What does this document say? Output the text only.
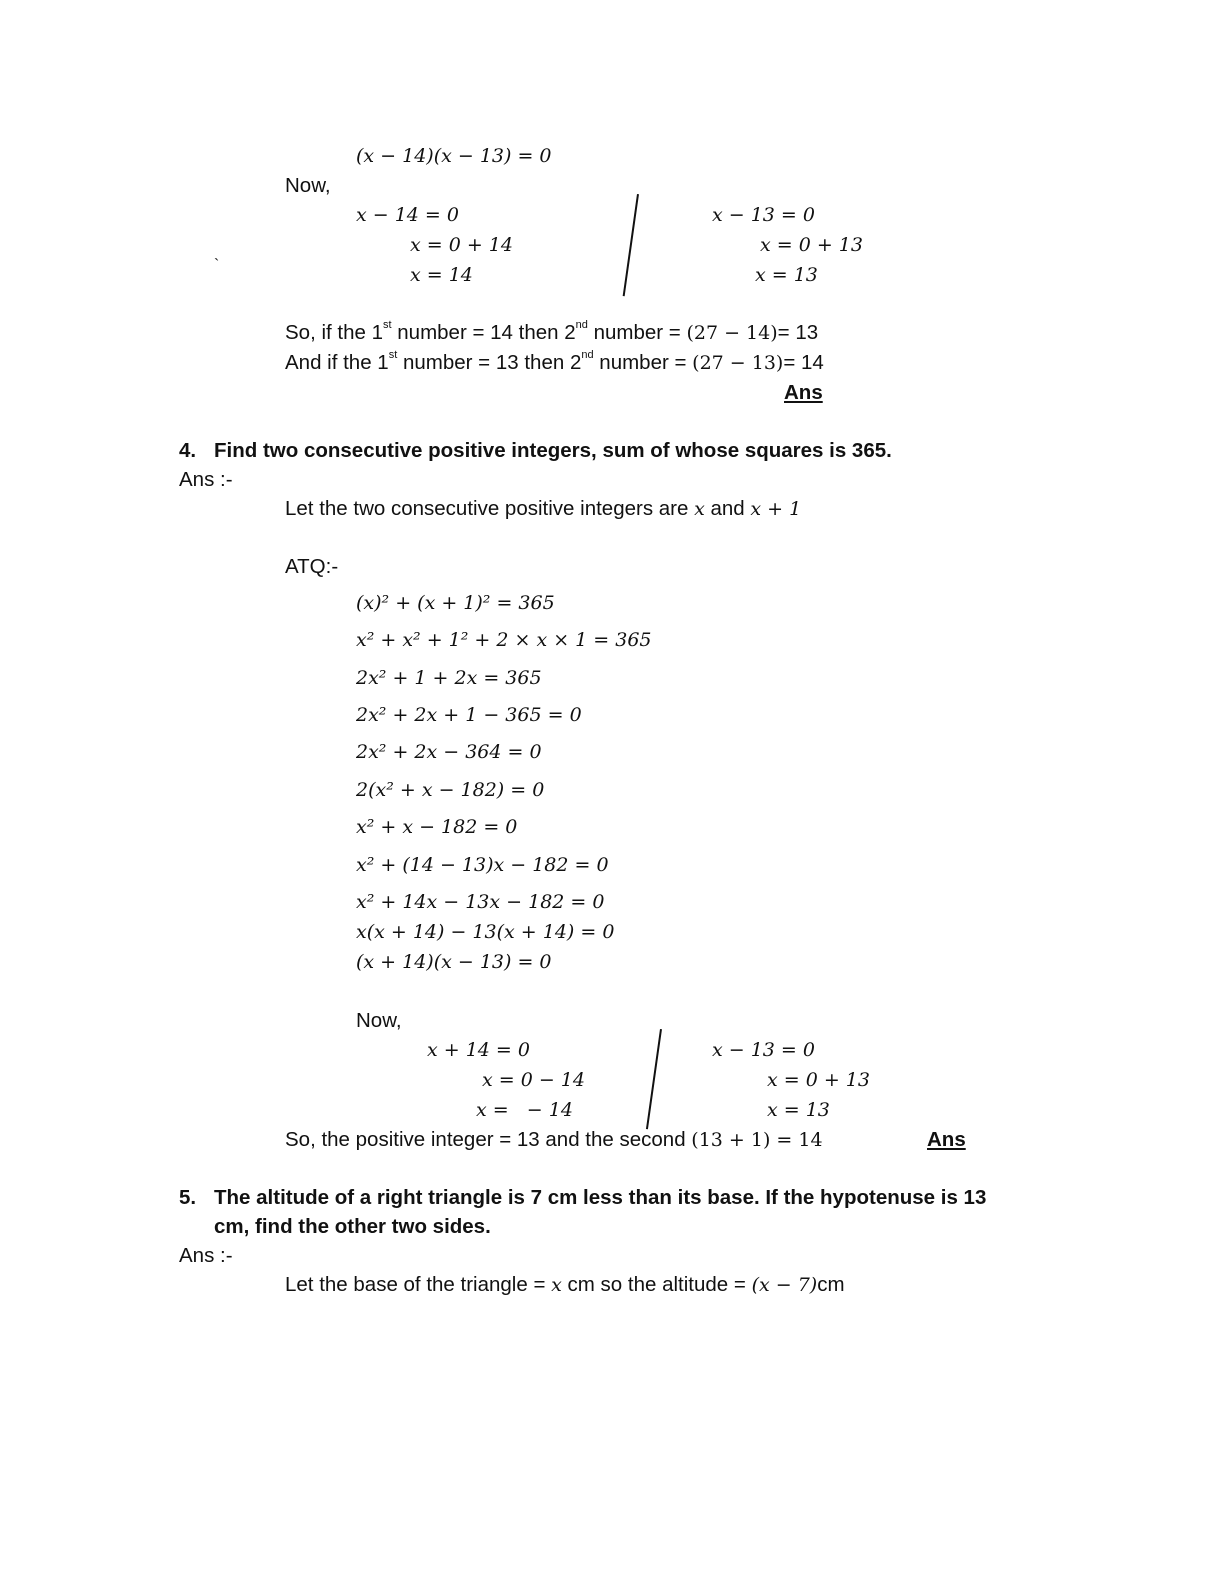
(x − 14)(x − 13) = 0
Now,
x − 14 = 0
x = 0 + 14
x = 14
`
x − 13 = 0
x = 0 + 13
x = 13
So, if the 1st number = 14 then 2nd number = (27 − 14)= 13
And if the 1st number = 13 then 2nd number = (27 − 13)= 14
Ans
4. Find two consecutive positive integers, sum of whose squares is 365.
Ans :-
Let the two consecutive positive integers are x and x + 1
ATQ:-
(x)² + (x + 1)² = 365
x² + x² + 1² + 2 × x × 1 = 365
2x² + 1 + 2x = 365
2x² + 2x + 1 − 365 = 0
2x² + 2x − 364 = 0
2(x² + x − 182) = 0
x² + x − 182 = 0
x² + (14 − 13)x − 182 = 0
x² + 14x − 13x − 182 = 0
x(x + 14) − 13(x + 14) = 0
(x + 14)(x − 13) = 0
Now,
x + 14 = 0
x = 0 − 14
x =   − 14
x − 13 = 0
x = 0 + 13
x = 13
So, the positive integer = 13 and the second (13 + 1) = 14	Ans
5. The altitude of a right triangle is 7 cm less than its base. If the hypotenuse is 13
cm, find the other two sides.
Ans :-
Let the base of the triangle = x cm so the altitude = (x − 7)cm
